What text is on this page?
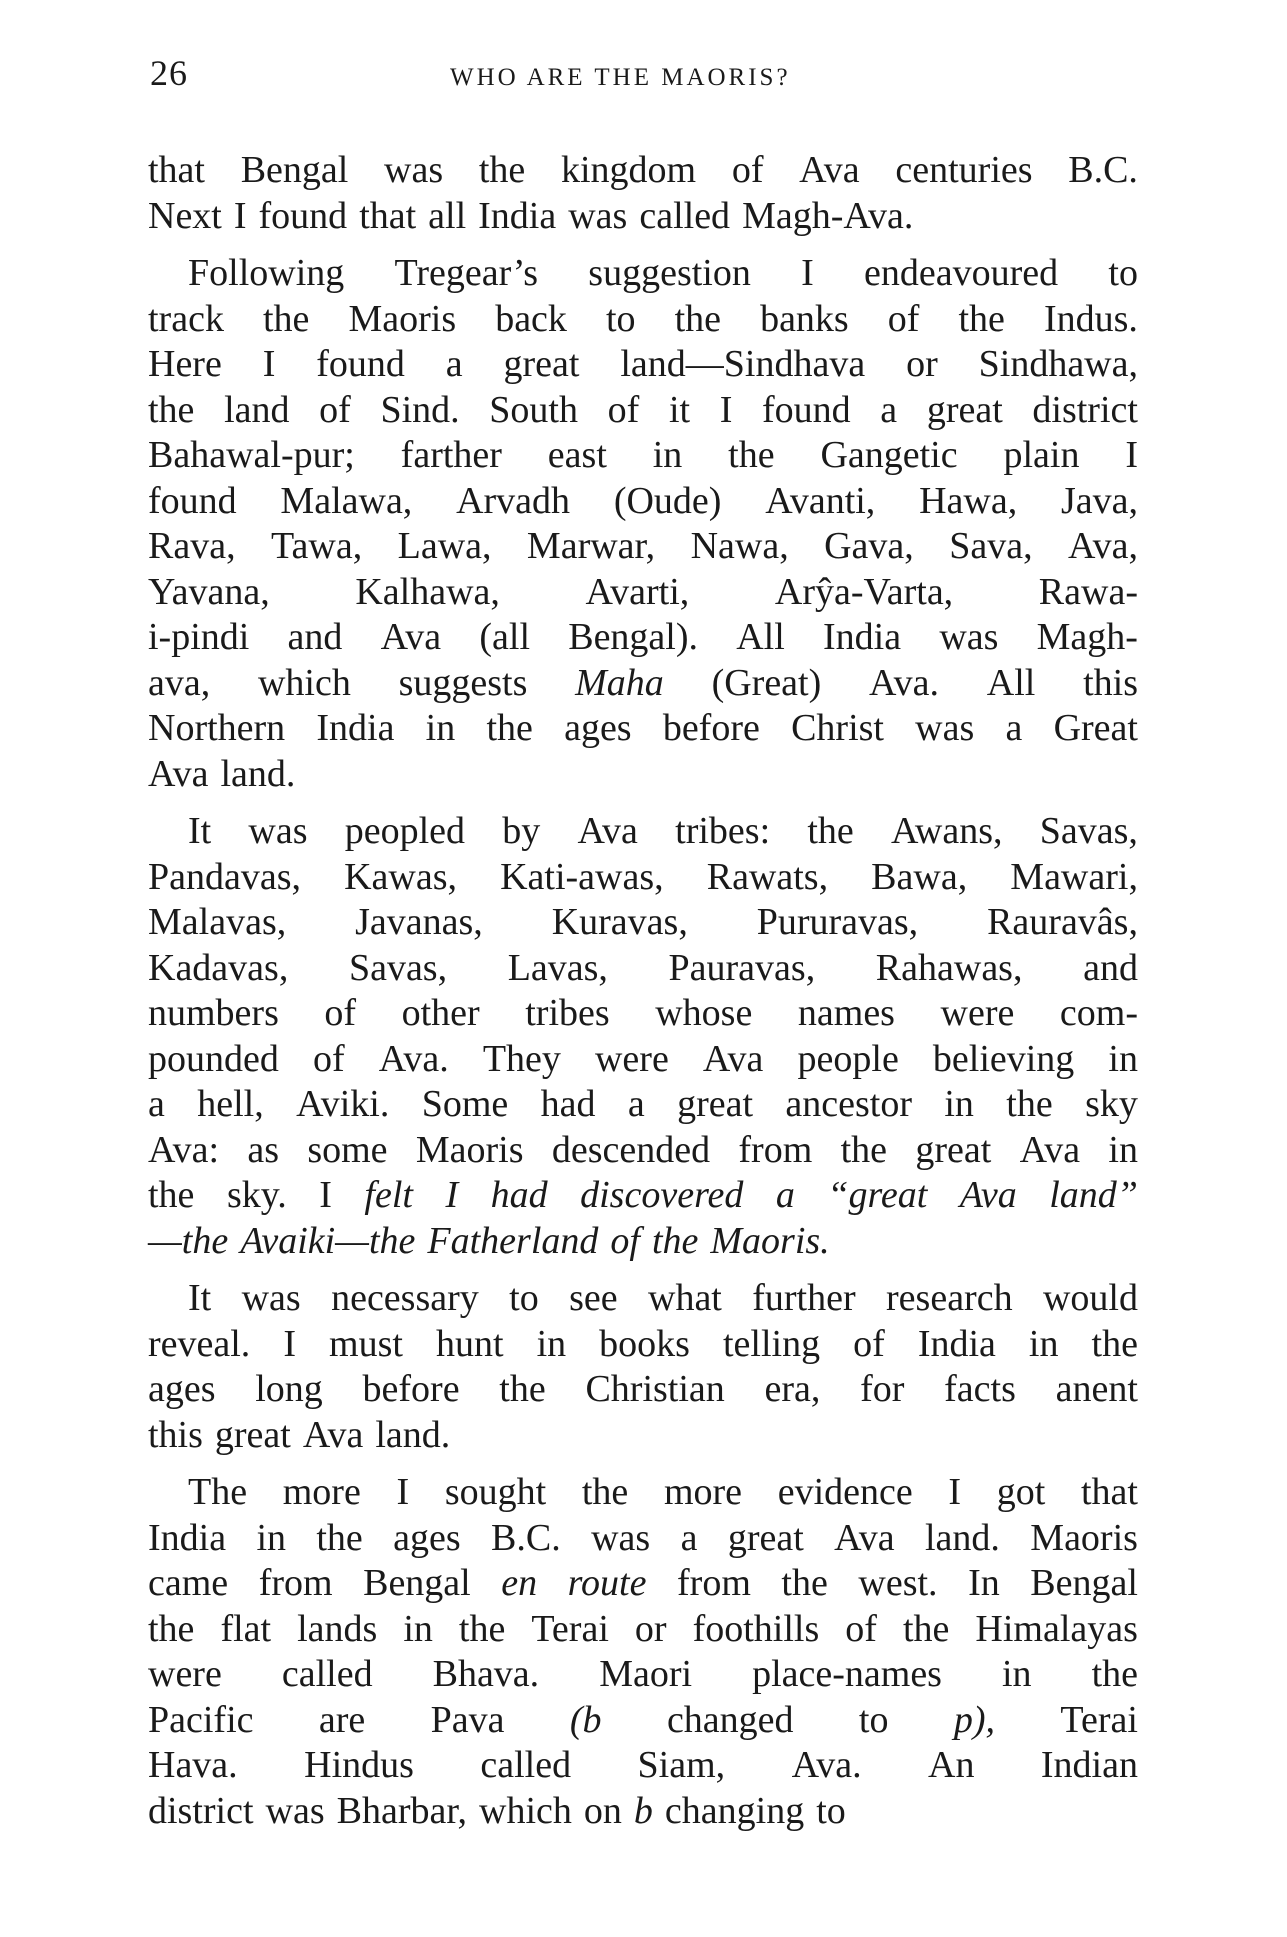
26	WHO ARE THE MAORIS?
that Bengal was the kingdom of Ava centuries B.C.
Next I found that all India was called Magh-Ava.
Following Tregear’s suggestion I endeavoured to
track the Maoris back to the banks of the Indus.
Here I found a great land—Sindhava or Sindhawa,
the land of Sind. South of it I found a great district
Bahawal-pur; farther east in the Gangetic plain I
found Malawa, Arvadh (Oude) Avanti, Hawa, Java,
Rava, Tawa, Lawa, Marwar, Nawa, Gava, Sava, Ava,
Yavana, Kalhawa, Avarti, Arŷa-Varta, Rawa-
i-pindi and Ava (all Bengal). All India was Magh-
ava, which suggests Maha (Great) Ava. All this
Northern India in the ages before Christ was a Great
Ava land.
It was peopled by Ava tribes: the Awans, Savas,
Pandavas, Kawas, Kati-awas, Rawats, Bawa, Mawari,
Malavas, Javanas, Kuravas, Pururavas, Rauravâs,
Kadavas, Savas, Lavas, Pauravas, Rahawas, and
numbers of other tribes whose names were com-
pounded of Ava. They were Ava people believing in
a hell, Aviki. Some had a great ancestor in the sky
Ava: as some Maoris descended from the great Ava in
the sky. I felt I had discovered a “great Ava land”
—the Avaiki—the Fatherland of the Maoris.
It was necessary to see what further research would
reveal. I must hunt in books telling of India in the
ages long before the Christian era, for facts anent
this great Ava land.
The more I sought the more evidence I got that
India in the ages B.C. was a great Ava land. Maoris
came from Bengal en route from the west. In Bengal
the flat lands in the Terai or foothills of the Himalayas
were called Bhava. Maori place-names in the
Pacific are Pava (b changed to p), Terai
Hava. Hindus called Siam, Ava. An Indian
district was Bharbar, which on b changing to
